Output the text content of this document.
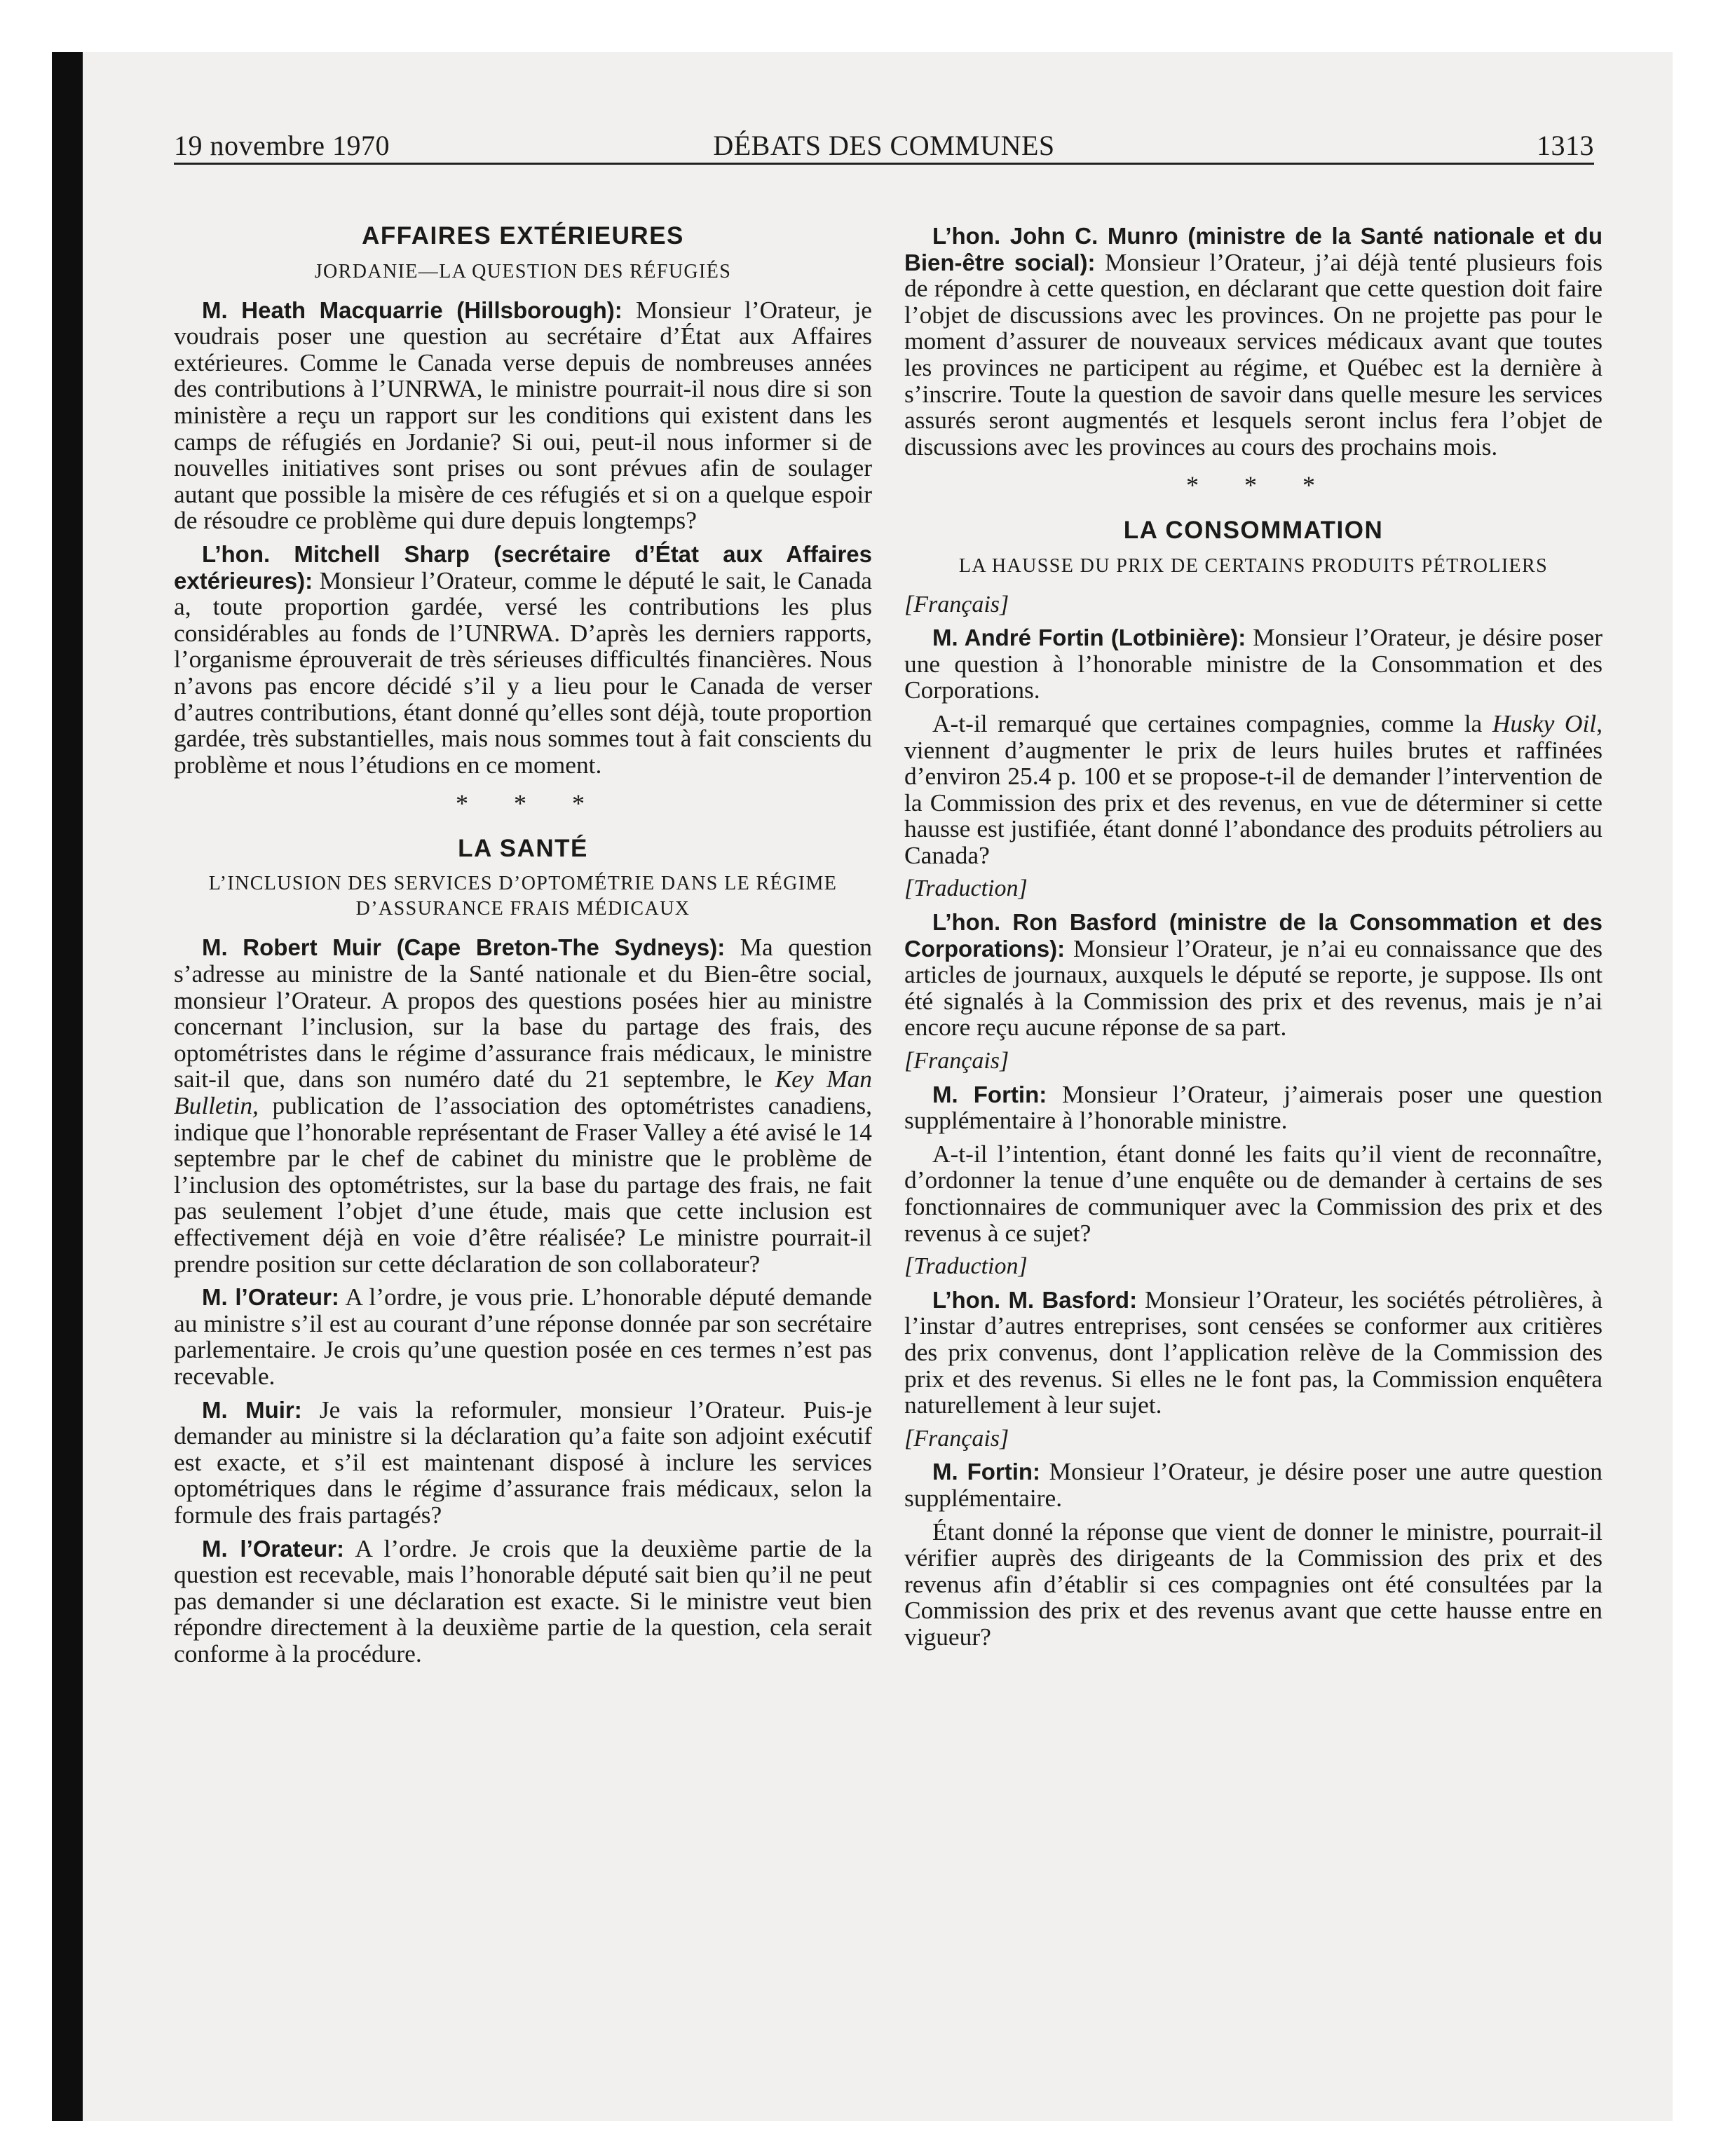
19 novembre 1970	DÉBATS DES COMMUNES	1313
AFFAIRES EXTÉRIEURES
JORDANIE—LA QUESTION DES RÉFUGIÉS

M. Heath Macquarrie (Hillsborough): Monsieur l’Orateur, je voudrais poser une question au secrétaire d’État aux Affaires extérieures. Comme le Canada verse depuis de nombreuses années des contributions à l’UNRWA, le ministre pourrait-il nous dire si son ministère a reçu un rapport sur les conditions qui existent dans les camps de réfugiés en Jordanie? Si oui, peut-il nous informer si de nouvelles initiatives sont prises ou sont prévues afin de soulager autant que possible la misère de ces réfugiés et si on a quelque espoir de résoudre ce problème qui dure depuis longtemps?

L’hon. Mitchell Sharp (secrétaire d’État aux Affaires extérieures): Monsieur l’Orateur, comme le député le sait, le Canada a, toute proportion gardée, versé les contributions les plus considérables au fonds de l’UNRWA. D’après les derniers rapports, l’organisme éprouverait de très sérieuses difficultés financières. Nous n’avons pas encore décidé s’il y a lieu pour le Canada de verser d’autres contributions, étant donné qu’elles sont déjà, toute proportion gardée, très substantielles, mais nous sommes tout à fait conscients du problème et nous l’étudions en ce moment.

* * *
LA SANTÉ
L’INCLUSION DES SERVICES D’OPTOMÉTRIE DANS LE RÉGIME D’ASSURANCE FRAIS MÉDICAUX

M. Robert Muir (Cape Breton-The Sydneys): Ma question s’adresse au ministre de la Santé nationale et du Bien-être social, monsieur l’Orateur. A propos des questions posées hier au ministre concernant l’inclusion, sur la base du partage des frais, des optométristes dans le régime d’assurance frais médicaux, le ministre sait-il que, dans son numéro daté du 21 septembre, le Key Man Bulletin, publication de l’association des optométristes canadiens, indique que l’honorable représentant de Fraser Valley a été avisé le 14 septembre par le chef de cabinet du ministre que le problème de l’inclusion des optométristes, sur la base du partage des frais, ne fait pas seulement l’objet d’une étude, mais que cette inclusion est effectivement déjà en voie d’être réalisée? Le ministre pourrait-il prendre position sur cette déclaration de son collaborateur?

M. l’Orateur: A l’ordre, je vous prie. L’honorable député demande au ministre s’il est au courant d’une réponse donnée par son secrétaire parlementaire. Je crois qu’une question posée en ces termes n’est pas recevable.

M. Muir: Je vais la reformuler, monsieur l’Orateur. Puis-je demander au ministre si la déclaration qu’a faite son adjoint exécutif est exacte, et s’il est maintenant disposé à inclure les services optométriques dans le régime d’assurance frais médicaux, selon la formule des frais partagés?

M. l’Orateur: A l’ordre. Je crois que la deuxième partie de la question est recevable, mais l’honorable député sait bien qu’il ne peut pas demander si une déclaration est exacte. Si le ministre veut bien répondre directement à la deuxième partie de la question, cela serait conforme à la procédure.

L’hon. John C. Munro (ministre de la Santé nationale et du Bien-être social): Monsieur l’Orateur, j’ai déjà tenté plusieurs fois de répondre à cette question, en déclarant que cette question doit faire l’objet de discussions avec les provinces. On ne projette pas pour le moment d’assurer de nouveaux services médicaux avant que toutes les provinces ne participent au régime, et Québec est la dernière à s’inscrire. Toute la question de savoir dans quelle mesure les services assurés seront augmentés et lesquels seront inclus fera l’objet de discussions avec les provinces au cours des prochains mois.

* * *
LA CONSOMMATION
LA HAUSSE DU PRIX DE CERTAINS PRODUITS PÉTROLIERS

[Français]

M. André Fortin (Lotbinière): Monsieur l’Orateur, je désire poser une question à l’honorable ministre de la Consommation et des Corporations.

A-t-il remarqué que certaines compagnies, comme la Husky Oil, viennent d’augmenter le prix de leurs huiles brutes et raffinées d’environ 25.4 p. 100 et se propose-t-il de demander l’intervention de la Commission des prix et des revenus, en vue de déterminer si cette hausse est justifiée, étant donné l’abondance des produits pétroliers au Canada?

[Traduction]

L’hon. Ron Basford (ministre de la Consommation et des Corporations): Monsieur l’Orateur, je n’ai eu connaissance que des articles de journaux, auxquels le député se reporte, je suppose. Ils ont été signalés à la Commission des prix et des revenus, mais je n’ai encore reçu aucune réponse de sa part.

[Français]

M. Fortin: Monsieur l’Orateur, j’aimerais poser une question supplémentaire à l’honorable ministre.

A-t-il l’intention, étant donné les faits qu’il vient de reconnaître, d’ordonner la tenue d’une enquête ou de demander à certains de ses fonctionnaires de communiquer avec la Commission des prix et des revenus à ce sujet?

[Traduction]

L’hon. M. Basford: Monsieur l’Orateur, les sociétés pétrolières, à l’instar d’autres entreprises, sont censées se conformer aux critières des prix convenus, dont l’application relève de la Commission des prix et des revenus. Si elles ne le font pas, la Commission enquêtera naturellement à leur sujet.

[Français]

M. Fortin: Monsieur l’Orateur, je désire poser une autre question supplémentaire.

Étant donné la réponse que vient de donner le ministre, pourrait-il vérifier auprès des dirigeants de la Commission des prix et des revenus afin d’établir si ces compagnies ont été consultées par la Commission des prix et des revenus avant que cette hausse entre en vigueur?
